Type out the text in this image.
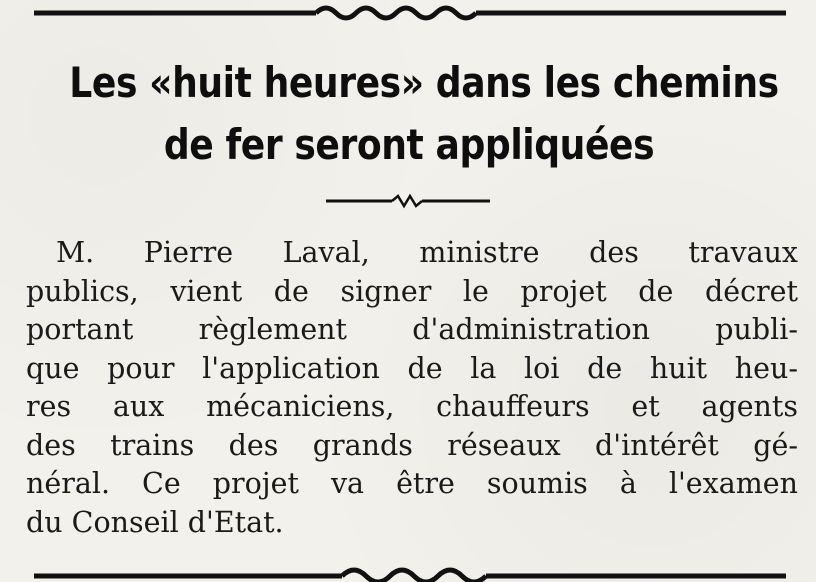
Les «huit heures» dans les chemins
de fer seront appliquées
M. Pierre Laval, ministre des travaux
publics, vient de signer le projet de décret
portant règlement d'administration publi-
que pour l'application de la loi de huit heu-
res aux mécaniciens, chauffeurs et agents
des trains des grands réseaux d'intérêt gé-
néral. Ce projet va être soumis à l'examen
du Conseil d'Etat.
